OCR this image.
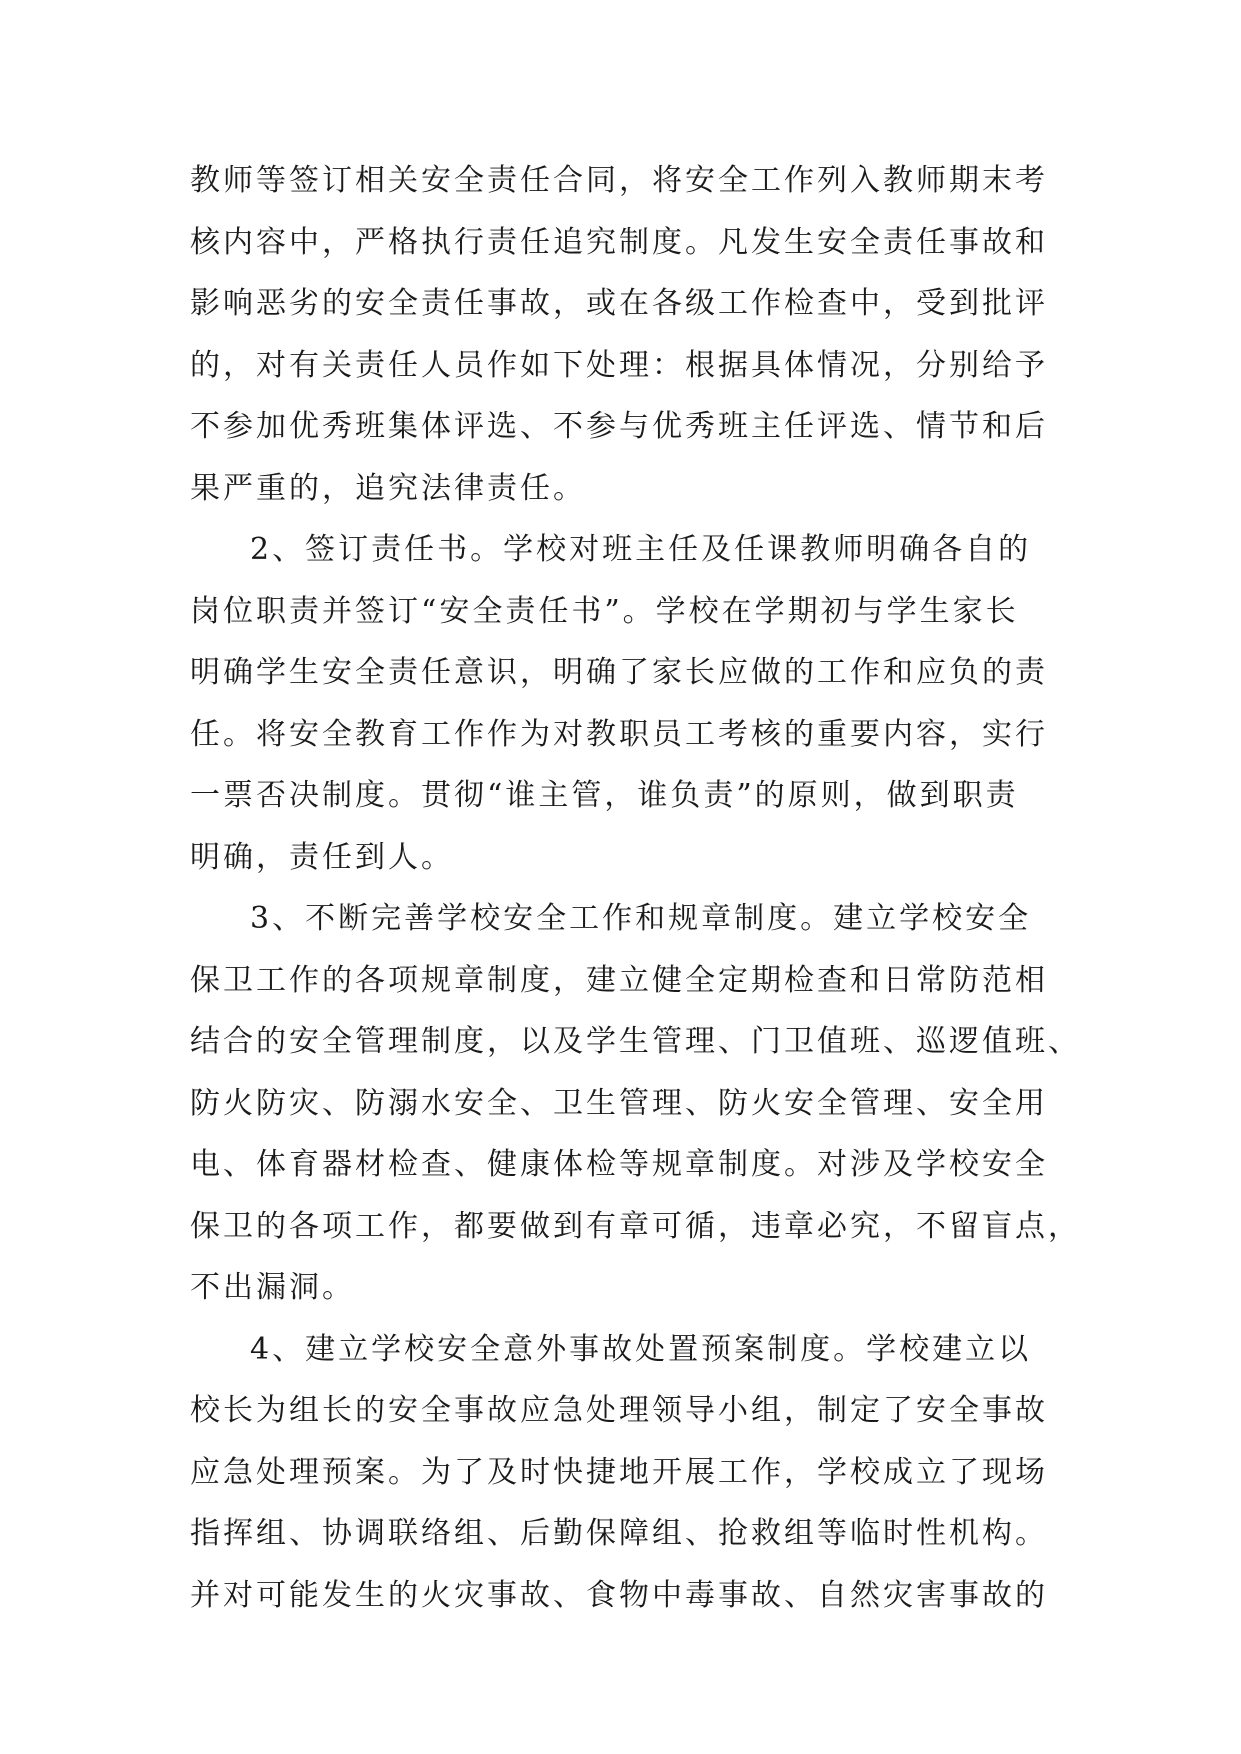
教师等签订相关安全责任合同，将安全工作列入教师期末考
核内容中，严格执行责任追究制度。凡发生安全责任事故和
影响恶劣的安全责任事故，或在各级工作检查中，受到批评
的，对有关责任人员作如下处理：根据具体情况，分别给予
不参加优秀班集体评选、不参与优秀班主任评选、情节和后
果严重的，追究法律责任。
2、签订责任书。学校对班主任及任课教师明确各自的
岗位职责并签订“安全责任书”。学校在学期初与学生家长
明确学生安全责任意识，明确了家长应做的工作和应负的责
任。将安全教育工作作为对教职员工考核的重要内容，实行
一票否决制度。贯彻“谁主管，谁负责”的原则，做到职责
明确，责任到人。
3、不断完善学校安全工作和规章制度。建立学校安全
保卫工作的各项规章制度，建立健全定期检查和日常防范相
结合的安全管理制度，以及学生管理、门卫值班、巡逻值班、
防火防灾、防溺水安全、卫生管理、防火安全管理、安全用
电、体育器材检查、健康体检等规章制度。对涉及学校安全
保卫的各项工作，都要做到有章可循，违章必究，不留盲点，
不出漏洞。
4、建立学校安全意外事故处置预案制度。学校建立以
校长为组长的安全事故应急处理领导小组，制定了安全事故
应急处理预案。为了及时快捷地开展工作，学校成立了现场
指挥组、协调联络组、后勤保障组、抢救组等临时性机构。
并对可能发生的火灾事故、食物中毒事故、自然灾害事故的
